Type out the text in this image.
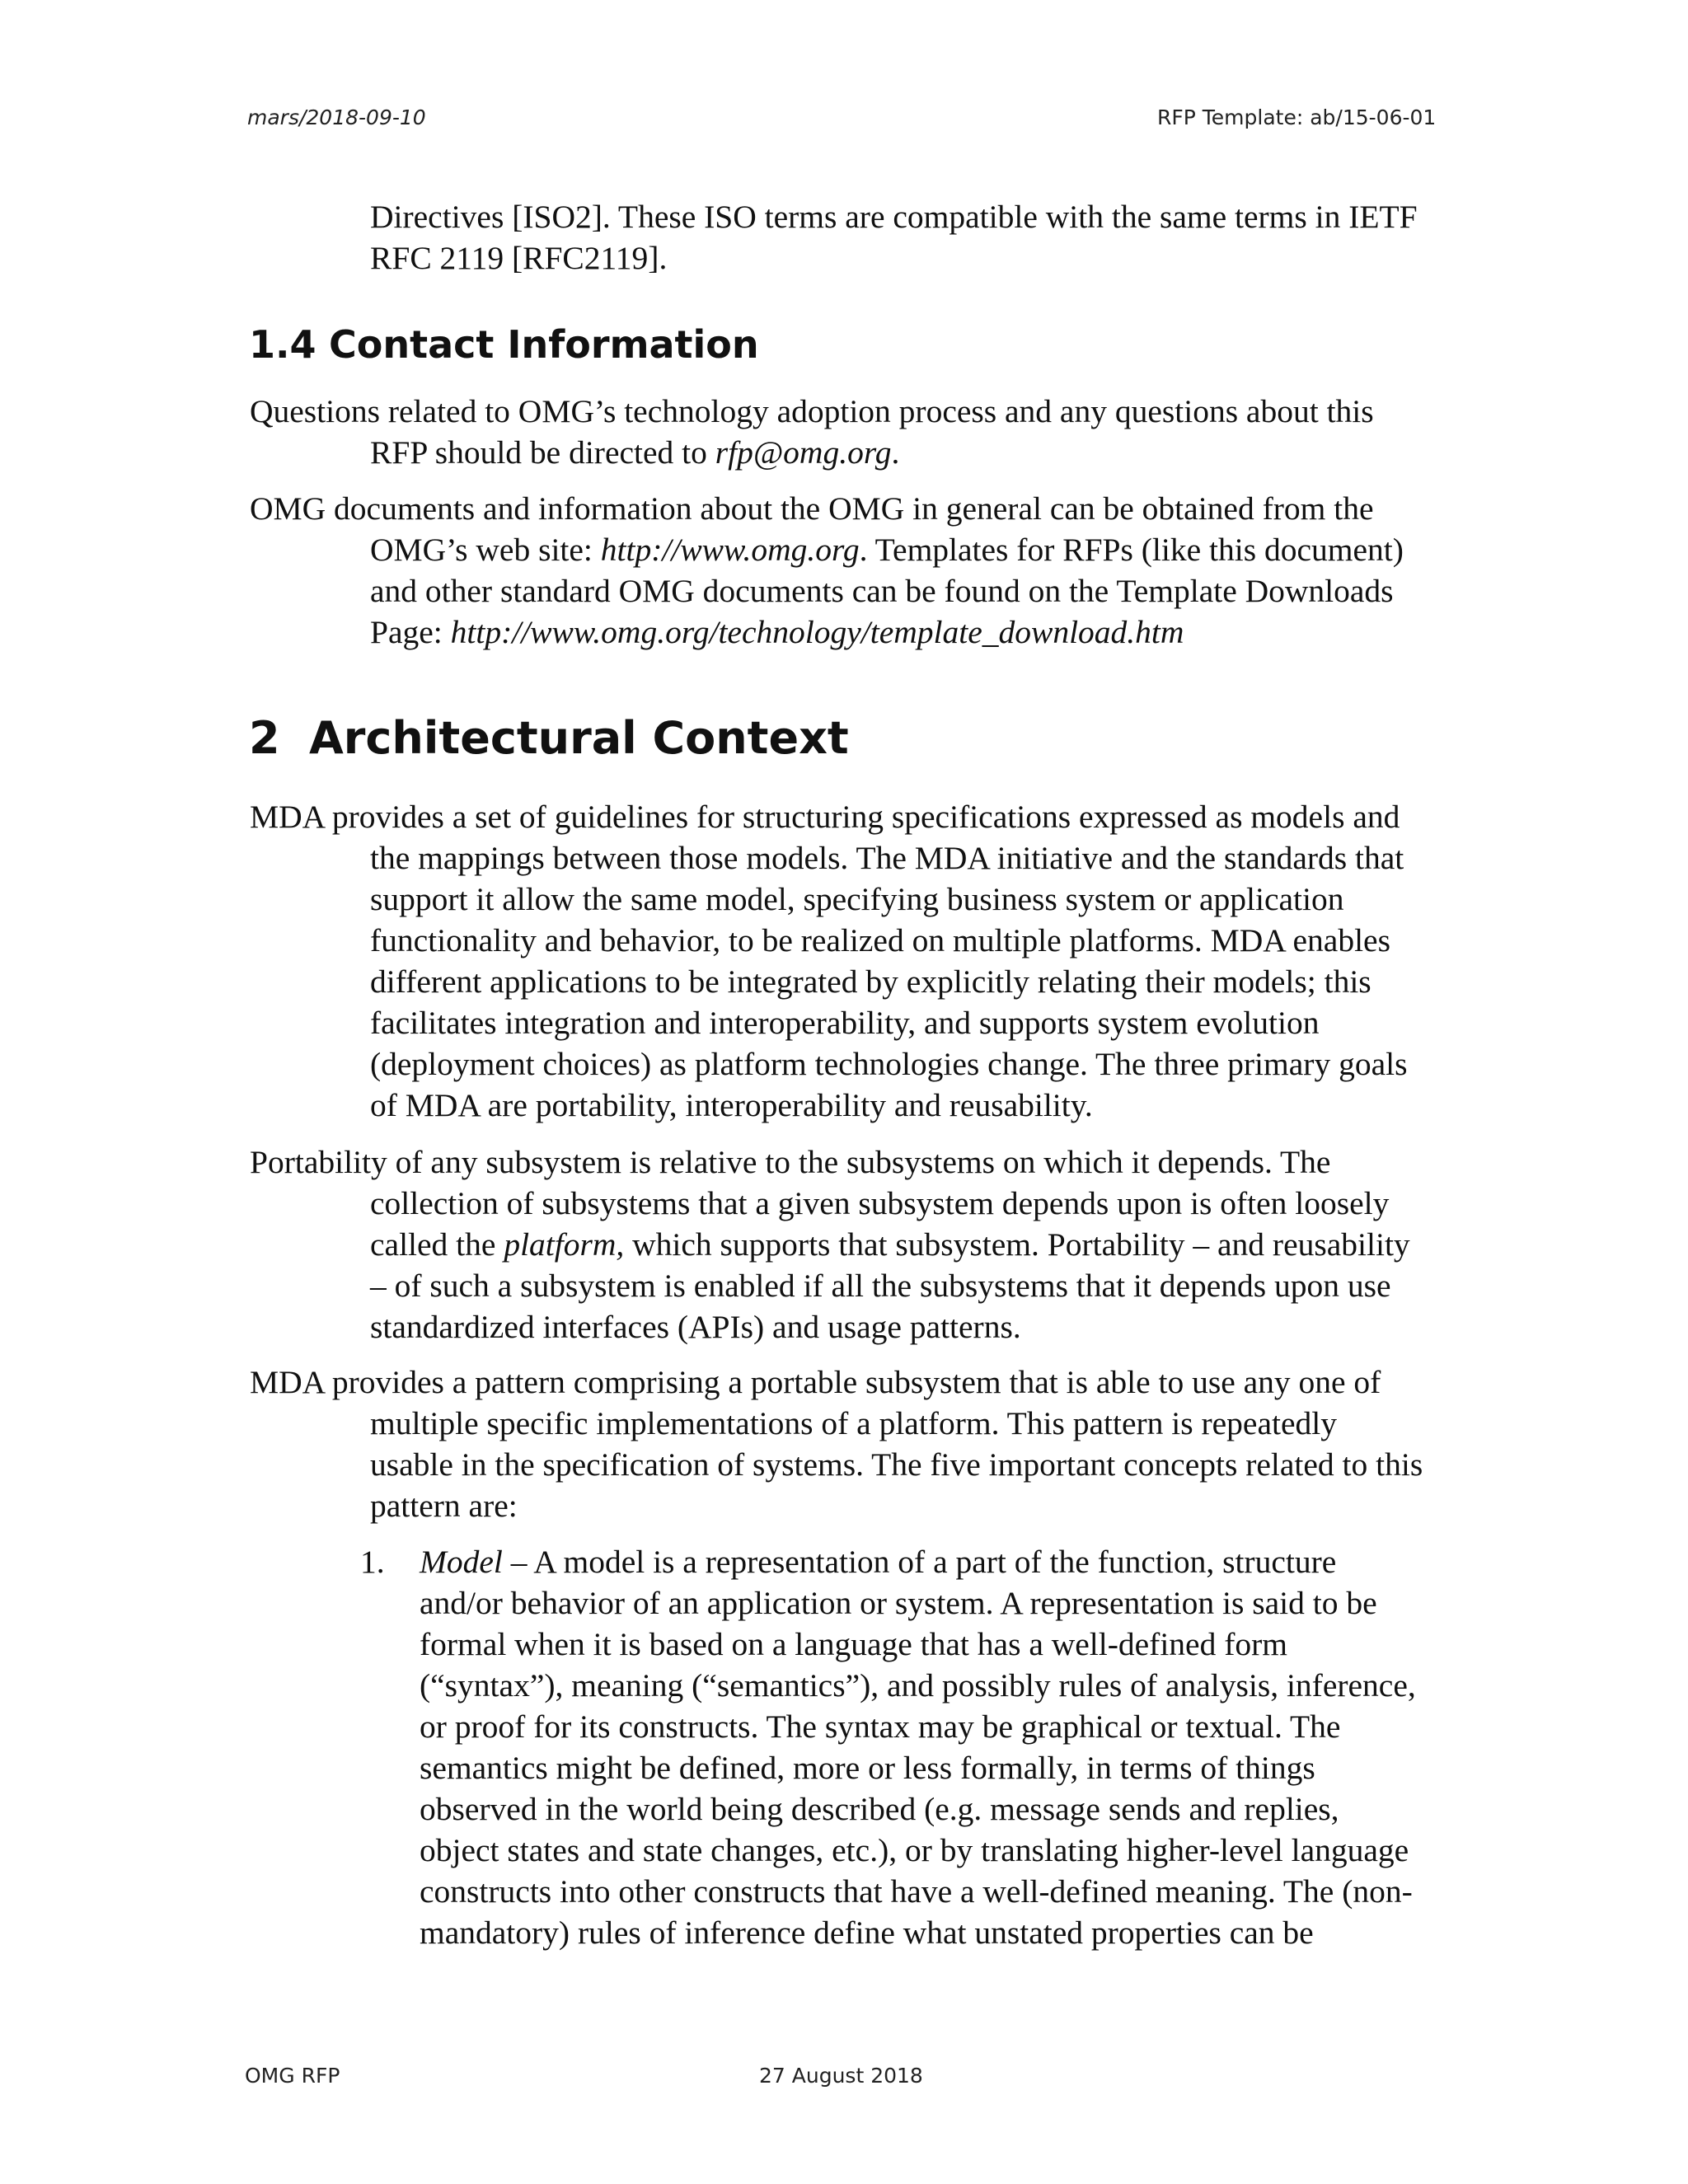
mars/2018-09-10	RFP Template: ab/15-06-01
Directives [ISO2]. These ISO terms are compatible with the same terms in IETF
RFC 2119 [RFC2119].
1.4 Contact Information
Questions related to OMG’s technology adoption process and any questions about this
RFP should be directed to rfp@omg.org.
OMG documents and information about the OMG in general can be obtained from the
OMG’s web site: http://www.omg.org. Templates for RFPs (like this document)
and other standard OMG documents can be found on the Template Downloads
Page: http://www.omg.org/technology/template_download.htm
2 Architectural Context
MDA provides a set of guidelines for structuring specifications expressed as models and
the mappings between those models. The MDA initiative and the standards that
support it allow the same model, specifying business system or application
functionality and behavior, to be realized on multiple platforms. MDA enables
different applications to be integrated by explicitly relating their models; this
facilitates integration and interoperability, and supports system evolution
(deployment choices) as platform technologies change. The three primary goals
of MDA are portability, interoperability and reusability.
Portability of any subsystem is relative to the subsystems on which it depends. The
collection of subsystems that a given subsystem depends upon is often loosely
called the platform, which supports that subsystem. Portability – and reusability
– of such a subsystem is enabled if all the subsystems that it depends upon use
standardized interfaces (APIs) and usage patterns.
MDA provides a pattern comprising a portable subsystem that is able to use any one of
multiple specific implementations of a platform. This pattern is repeatedly
usable in the specification of systems. The five important concepts related to this
pattern are:
1. Model – A model is a representation of a part of the function, structure
and/or behavior of an application or system. A representation is said to be
formal when it is based on a language that has a well-defined form
(“syntax”), meaning (“semantics”), and possibly rules of analysis, inference,
or proof for its constructs. The syntax may be graphical or textual. The
semantics might be defined, more or less formally, in terms of things
observed in the world being described (e.g. message sends and replies,
object states and state changes, etc.), or by translating higher-level language
constructs into other constructs that have a well-defined meaning. The (non-
mandatory) rules of inference define what unstated properties can be
OMG RFP	27 August 2018
